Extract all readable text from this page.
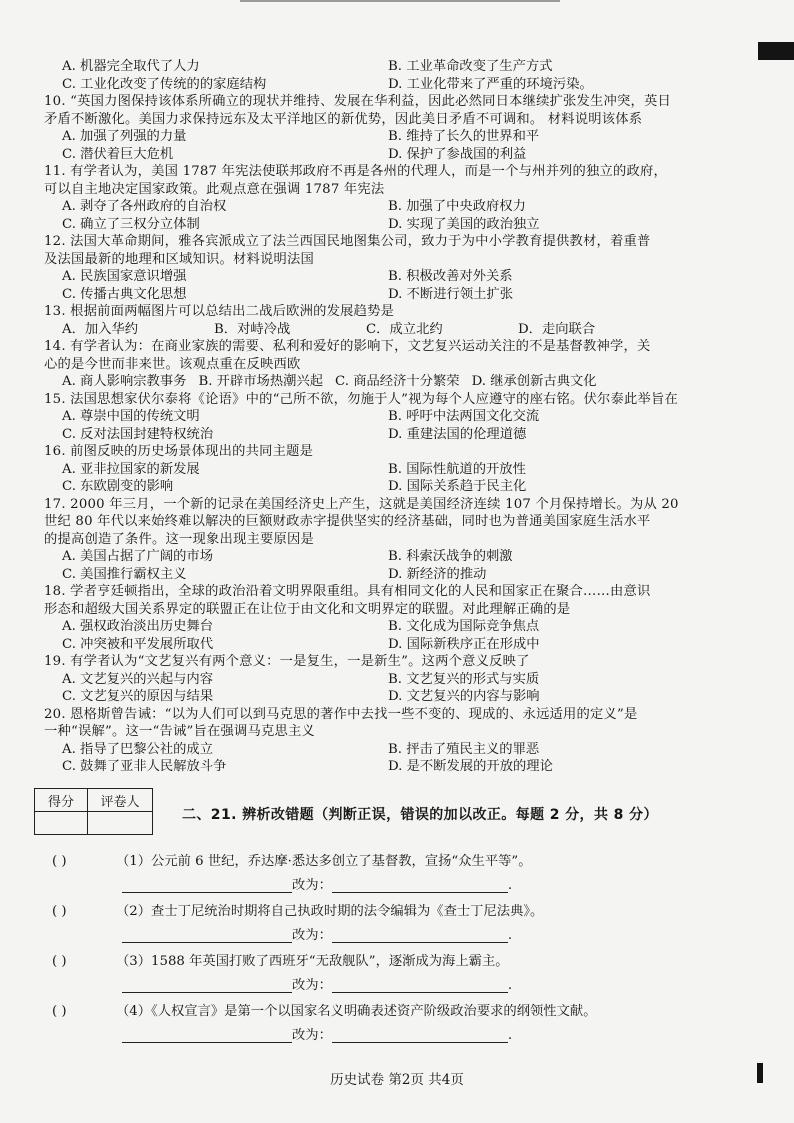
A. 机器完全取代了人力	B. 工业革命改变了生产方式
C. 工业化改变了传统的的家庭结构	D. 工业化带来了严重的环境污染。
10. “英国力图保持该体系所确立的现状并维持、发展在华利益，因此必然同日本继续扩张发生冲突，英日
矛盾不断激化。美国力求保持远东及太平洋地区的新优势，因此美日矛盾不可调和。 材料说明该体系
A. 加强了列强的力量	B. 维持了长久的世界和平
C. 潜伏着巨大危机	D. 保护了参战国的利益
11. 有学者认为，美国 1787 年宪法使联邦政府不再是各州的代理人，而是一个与州并列的独立的政府，
可以自主地决定国家政策。此观点意在强调 1787 年宪法
A. 剥夺了各州政府的自治权	B. 加强了中央政府权力
C. 确立了三权分立体制	D. 实现了美国的政治独立
12. 法国大革命期间，雅各宾派成立了法兰西国民地图集公司，致力于为中小学教育提供教材，着重普
及法国最新的地理和区域知识。材料说明法国
A. 民族国家意识增强	B. 积极改善对外关系
C. 传播古典文化思想	D. 不断进行领土扩张
13. 根据前面两幅图片可以总结出二战后欧洲的发展趋势是
A．加入华约	B．对峙冷战	C．成立北约	D．走向联合
14. 有学者认为：在商业家族的需要、私利和爱好的影响下，文艺复兴运动关注的不是基督教神学，关
心的是今世而非来世。该观点重在反映西欧
A. 商人影响宗教事务 B. 开辟市场热潮兴起 C. 商品经济十分繁荣 D. 继承创新古典文化
15. 法国思想家伏尔泰将《论语》中的“己所不欲，勿施于人”视为每个人应遵守的座右铭。伏尔泰此举旨在
A. 尊崇中国的传统文明	B. 呼吁中法两国文化交流
C. 反对法国封建特权统治	D. 重建法国的伦理道德
16. 前图反映的历史场景体现出的共同主题是
A. 亚非拉国家的新发展	B. 国际性航道的开放性
C. 东欧剧变的影响	D. 国际关系趋于民主化
17. 2000 年三月，一个新的记录在美国经济史上产生，这就是美国经济连续 107 个月保持增长。为从 20
世纪 80 年代以来始终难以解决的巨额财政赤字提供坚实的经济基础，同时也为普通美国家庭生活水平
的提高创造了条件。这一现象出现主要原因是
A. 美国占据了广阔的市场	B. 科索沃战争的刺激
C. 美国推行霸权主义	D. 新经济的推动
18. 学者亨廷顿指出，全球的政治沿着文明界限重组。具有相同文化的人民和国家正在聚合……由意识
形态和超级大国关系界定的联盟正在让位于由文化和文明界定的联盟。对此理解正确的是
A. 强权政治淡出历史舞台	B. 文化成为国际竞争焦点
C. 冲突被和平发展所取代	D. 国际新秩序正在形成中
19. 有学者认为“文艺复兴有两个意义：一是复生，一是新生”。这两个意义反映了
A. 文艺复兴的兴起与内容	B. 文艺复兴的形式与实质
C. 文艺复兴的原因与结果	D. 文艺复兴的内容与影响
20. 恩格斯曾告诫：“以为人们可以到马克思的著作中去找一些不变的、现成的、永远适用的定义”是
一种“误解”。这一“告诫”旨在强调马克思主义
A. 指导了巴黎公社的成立	B. 抨击了殖民主义的罪恶
C. 鼓舞了亚非人民解放斗争	D. 是不断发展的开放的理论
得分	评卷人

二、21. 辨析改错题（判断正误，错误的加以改正。每题 2 分，共 8 分）
( )	（1）公元前 6 世纪，乔达摩·悉达多创立了基督教，宣扬“众生平等”。
改为：	.
( )	（2）查士丁尼统治时期将自己执政时期的法令编辑为《查士丁尼法典》。
改为：	.
( )	（3）1588 年英国打败了西班牙“无敌舰队”，逐渐成为海上霸主。
改为：	.
( )	（4）《人权宣言》是第一个以国家名义明确表述资产阶级政治要求的纲领性文献。
改为：	.
历史试卷 第2页 共4页
